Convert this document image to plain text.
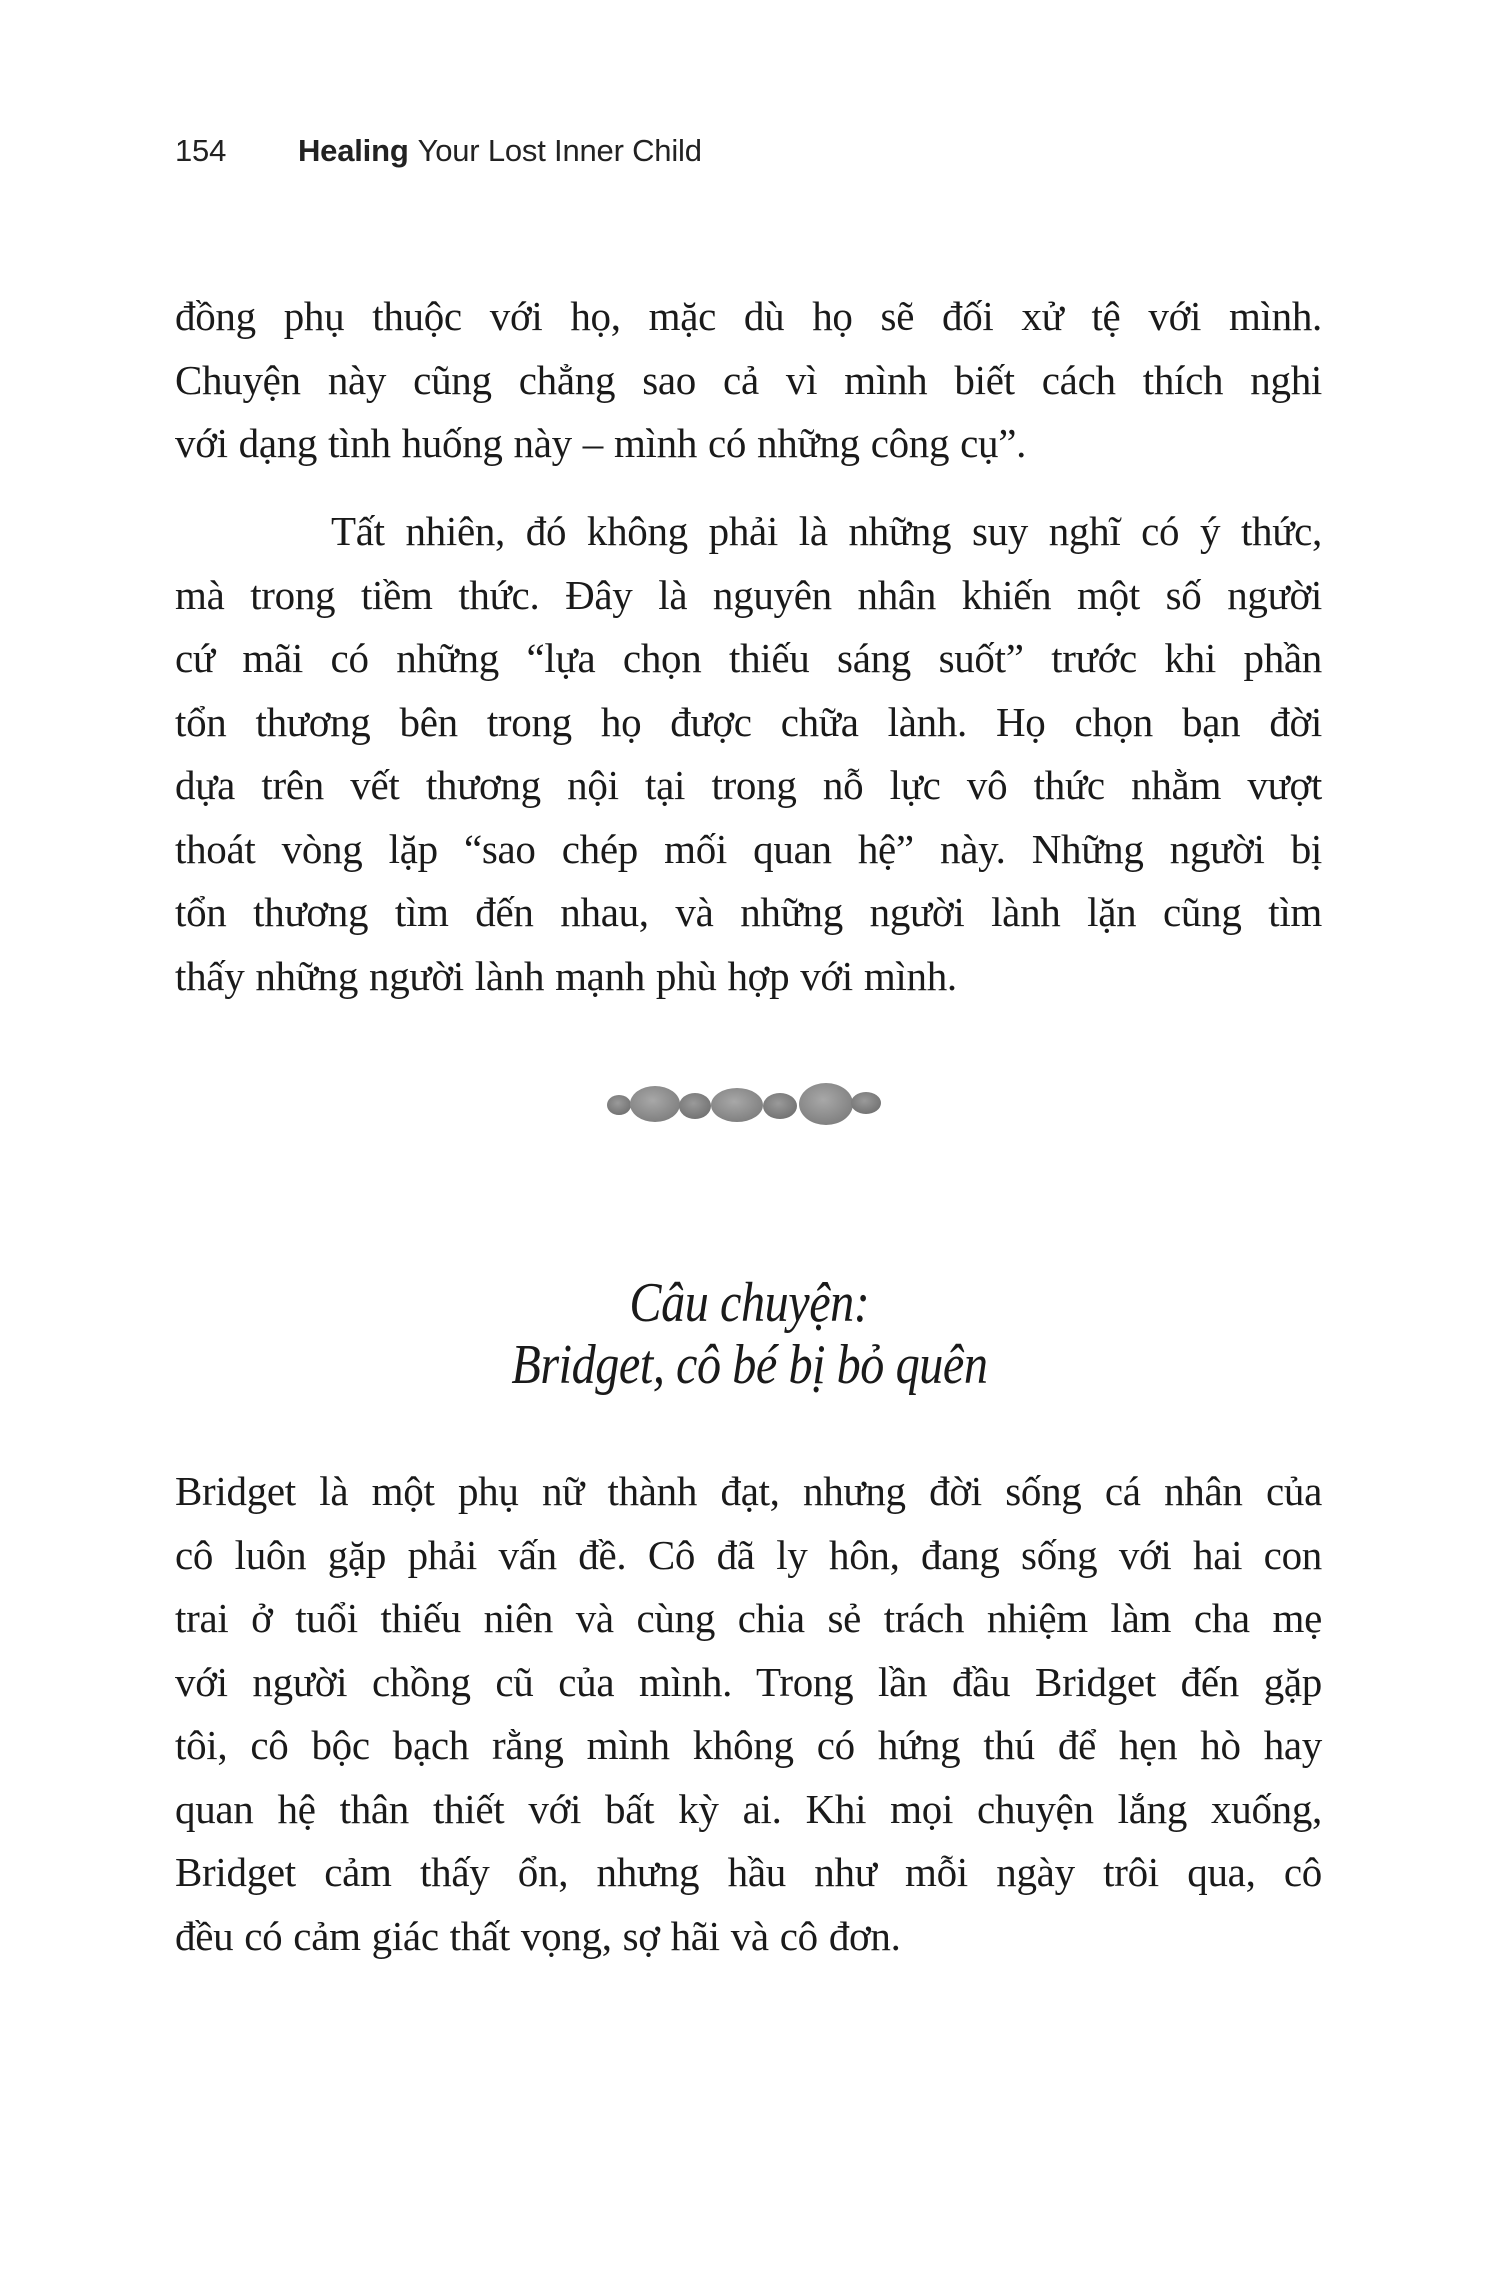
154	Healing Your Lost Inner Child

đồng phụ thuộc với họ, mặc dù họ sẽ đối xử tệ với mình.
Chuyện này cũng chẳng sao cả vì mình biết cách thích nghi
với dạng tình huống này – mình có những công cụ”.

Tất nhiên, đó không phải là những suy nghĩ có ý thức,
mà trong tiềm thức. Đây là nguyên nhân khiến một số người
cứ mãi có những “lựa chọn thiếu sáng suốt” trước khi phần
tổn thương bên trong họ được chữa lành. Họ chọn bạn đời
dựa trên vết thương nội tại trong nỗ lực vô thức nhằm vượt
thoát vòng lặp “sao chép mối quan hệ” này. Những người bị
tổn thương tìm đến nhau, và những người lành lặn cũng tìm
thấy những người lành mạnh phù hợp với mình.

Câu chuyện:
Bridget, cô bé bị bỏ quên

Bridget là một phụ nữ thành đạt, nhưng đời sống cá nhân của
cô luôn gặp phải vấn đề. Cô đã ly hôn, đang sống với hai con
trai ở tuổi thiếu niên và cùng chia sẻ trách nhiệm làm cha mẹ
với người chồng cũ của mình. Trong lần đầu Bridget đến gặp
tôi, cô bộc bạch rằng mình không có hứng thú để hẹn hò hay
quan hệ thân thiết với bất kỳ ai. Khi mọi chuyện lắng xuống,
Bridget cảm thấy ổn, nhưng hầu như mỗi ngày trôi qua, cô
đều có cảm giác thất vọng, sợ hãi và cô đơn.
